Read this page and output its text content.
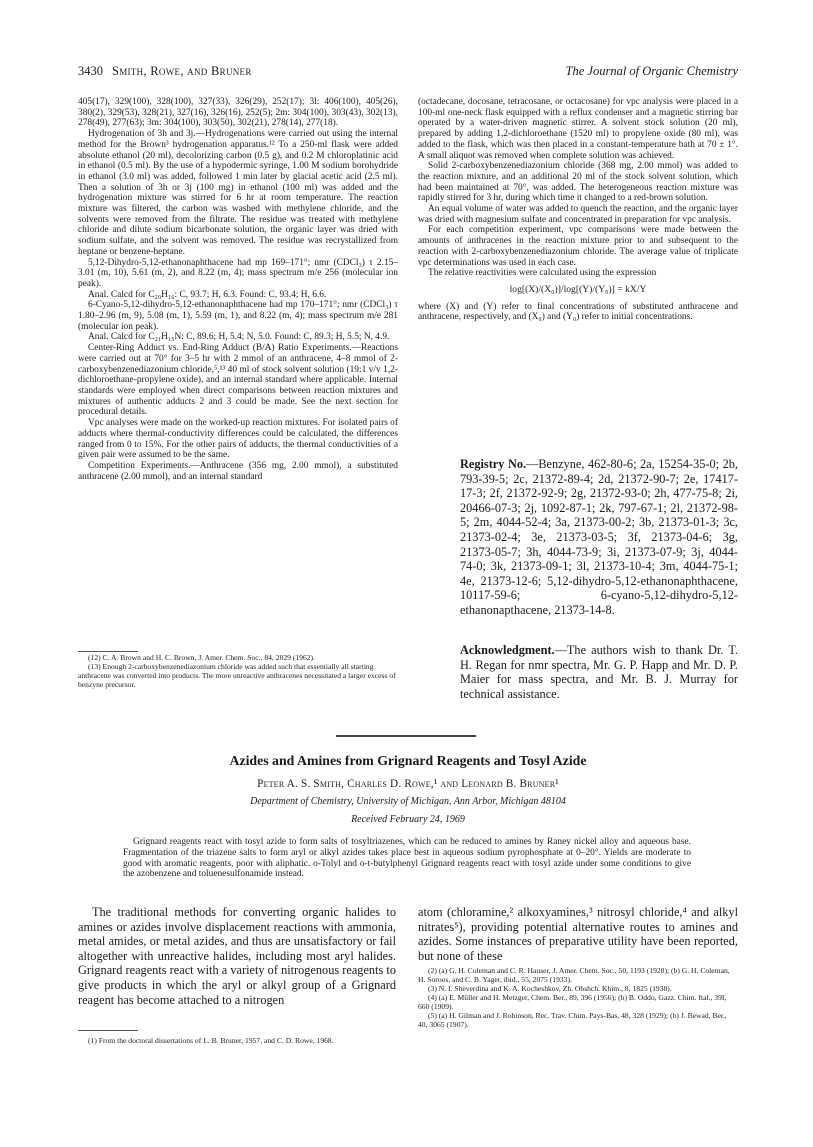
3430 Smith, Rowe, and Bruner	The Journal of Organic Chemistry

405(17), 329(100), 328(100), 327(33), 326(29), 252(17); 3l: 406(100), 405(26), 380(2), 329(53), 328(21), 327(16), 326(16), 252(5); 2m: 304(100), 303(43), 302(13), 278(49), 277(63); 3m: 304(100), 303(50), 302(21), 278(14), 277(18).

Hydrogenation of 3h and 3j.—Hydrogenations were carried out using the internal method for the Brown³ hydrogenation apparatus.¹² To a 250-ml flask were added absolute ethanol (20 ml), decolorizing carbon (0.5 g), and 0.2 M chloroplatinic acid in ethanol (0.5 ml). By the use of a hypodermic syringe, 1.00 M sodium borohydride in ethanol (3.0 ml) was added, followed 1 min later by glacial acetic acid (2.5 ml). Then a solution of 3h or 3j (100 mg) in ethanol (100 ml) was added and the hydrogenation mixture was stirred for 6 hr at room temperature. The reaction mixture was filtered, the carbon was washed with methylene chloride, and the solvents were removed from the filtrate. The residue was treated with methylene chloride and dilute sodium bicarbonate solution, the organic layer was dried with sodium sulfate, and the solvent was removed. The residue was recrystallized from heptane or benzene-heptane.

5,12-Dihydro-5,12-ethanonaphthacene had mp 169–171°; nmr (CDCl₃) τ 2.15–3.01 (m, 10), 5.61 (m, 2), and 8.22 (m, 4); mass spectrum m/e 256 (molecular ion peak).

Anal. Calcd for C₂₀H₁₆: C, 93.7; H, 6.3. Found: C, 93.4; H, 6.6.

6-Cyano-5,12-dihydro-5,12-ethanonaphthacene had mp 170–171°; nmr (CDCl₃) τ 1.80–2.96 (m, 9), 5.08 (m, 1), 5.59 (m, 1), and 8.22 (m, 4); mass spectrum m/e 281 (molecular ion peak).

Anal. Calcd for C₂₁H₁₅N: C, 89.6; H, 5.4; N, 5.0. Found: C, 89.3; H, 5.5; N, 4.9.

Center-Ring Adduct vs. End-Ring Adduct (B/A) Ratio Experiments.—Reactions were carried out at 70° for 3–5 hr with 2 mmol of an anthracene, 4–8 mmol of 2-carboxybenzenediazonium chloride,⁵,¹³ 40 ml of stock solvent solution (19:1 v/v 1,2-dichloroethane-propylene oxide), and an internal standard where applicable. Internal standards were employed when direct comparisons between reaction mixtures and mixtures of authentic adducts 2 and 3 could be made. See the next section for procedural details.

Vpc analyses were made on the worked-up reaction mixtures. For isolated pairs of adducts where thermal-conductivity differences could be calculated, the differences ranged from 0 to 15%. For the other pairs of adducts, the thermal conductivities of a given pair were assumed to be the same.

Competition Experiments.—Anthracene (356 mg, 2.00 mmol), a substituted anthracene (2.00 mmol), and an internal standard

(12) C. A. Brown and H. C. Brown, J. Amer. Chem. Soc., 84, 2829 (1962).

(13) Enough 2-carboxybenzenediazonium chloride was added such that essentially all starting anthracene was converted into products. The more unreactive anthracenes necessitated a larger excess of benzyne precursor.

(octadecane, docosane, tetracosane, or octacosane) for vpc analysis were placed in a 100-ml one-neck flask equipped with a reflux condenser and a magnetic stirring bar operated by a water-driven magnetic stirrer. A solvent stock solution (20 ml), prepared by adding 1,2-dichloroethane (1520 ml) to propylene oxide (80 ml), was added to the flask, which was then placed in a constant-temperature bath at 70 ± 1°. A small aliquot was removed when complete solution was achieved.

Solid 2-carboxybenzenediazonium chloride (368 mg, 2.00 mmol) was added to the reaction mixture, and an additional 20 ml of the stock solvent solution, which had been maintained at 70°, was added. The heterogeneous reaction mixture was rapidly stirred for 3 hr, during which time it changed to a red-brown solution.

An equal volume of water was added to quench the reaction, and the organic layer was dried with magnesium sulfate and concentrated in preparation for vpc analysis.

For each competition experiment, vpc comparisons were made between the amounts of anthracenes in the reaction mixture prior to and subsequent to the reaction with 2-carboxybenzenediazonium chloride. The average value of triplicate vpc determinations was used in each case.

The relative reactivities were calculated using the expression

log[(X)/(X₀)]/log[(Y)/(Y₀)] = kX/Y

where (X) and (Y) refer to final concentrations of substituted anthracene and anthracene, respectively, and (X₀) and (Y₀) refer to initial concentrations.

Registry No.—Benzyne, 462-80-6; 2a, 15254-35-0; 2b, 793-39-5; 2c, 21372-89-4; 2d, 21372-90-7; 2e, 17417-17-3; 2f, 21372-92-9; 2g, 21372-93-0; 2h, 477-75-8; 2i, 20466-07-3; 2j, 1092-87-1; 2k, 797-67-1; 2l, 21372-98-5; 2m, 4044-52-4; 3a, 21373-00-2; 3b, 21373-01-3; 3c, 21373-02-4; 3e, 21373-03-5; 3f, 21373-04-6; 3g, 21373-05-7; 3h, 4044-73-9; 3i, 21373-07-9; 3j, 4044-74-0; 3k, 21373-09-1; 3l, 21373-10-4; 3m, 4044-75-1; 4e, 21373-12-6; 5,12-dihydro-5,12-ethanonaphthacene, 10117-59-6; 6-cyano-5,12-dihydro-5,12-ethanonapthacene, 21373-14-8.

Acknowledgment.—The authors wish to thank Dr. T. H. Regan for nmr spectra, Mr. G. P. Happ and Mr. D. P. Maier for mass spectra, and Mr. B. J. Murray for technical assistance.

Azides and Amines from Grignard Reagents and Tosyl Azide
Peter A. S. Smith, Charles D. Rowe,¹ and Leonard B. Bruner¹
Department of Chemistry, University of Michigan, Ann Arbor, Michigan 48104
Received February 24, 1969

Grignard reagents react with tosyl azide to form salts of tosyltriazenes, which can be reduced to amines by Raney nickel alloy and aqueous base. Fragmentation of the triazene salts to form aryl or alkyl azides takes place best in aqueous sodium pyrophosphate at 0–20°. Yields are moderate to good with aromatic reagents, poor with aliphatic. o-Tolyl and o-t-butylphenyl Grignard reagents react with tosyl azide under some conditions to give the azobenzene and toluenesulfonamide instead.

The traditional methods for converting organic halides to amines or azides involve displacement reactions with ammonia, metal amides, or metal azides, and thus are unsatisfactory or fail altogether with unreactive halides, including most aryl halides. Grignard reagents react with a variety of nitrogenous reagents to give products in which the aryl or alkyl group of a Grignard reagent has become attached to a nitrogen

atom (chloramine,² alkoxyamines,³ nitrosyl chloride,⁴ and alkyl nitrates⁵), providing potential alternative routes to amines and azides. Some instances of preparative utility have been reported, but none of these

(1) From the doctoral dissertations of L. B. Bruner, 1957, and C. D. Rowe, 1968.

(2) (a) G. H. Coleman and C. R. Hauser, J. Amer. Chem. Soc., 50, 1193 (1928); (b) G. H. Coleman, H. Soroos, and C. B. Yager, ibid., 55, 2075 (1933).

(3) N. I. Sheverdina and K. A. Kocheshkov, Zh. Obshch. Khim., 8, 1825 (1938).

(4) (a) E. Müller and H. Metzger, Chem. Ber., 89, 396 (1956); (b) B. Oddo, Gazz. Chim. Ital., 39I, 660 (1909).

(5) (a) H. Gilman and J. Robinson, Rec. Trav. Chim. Pays-Bas, 48, 328 (1929); (b) J. Bewad, Ber., 40, 3065 (1907).
